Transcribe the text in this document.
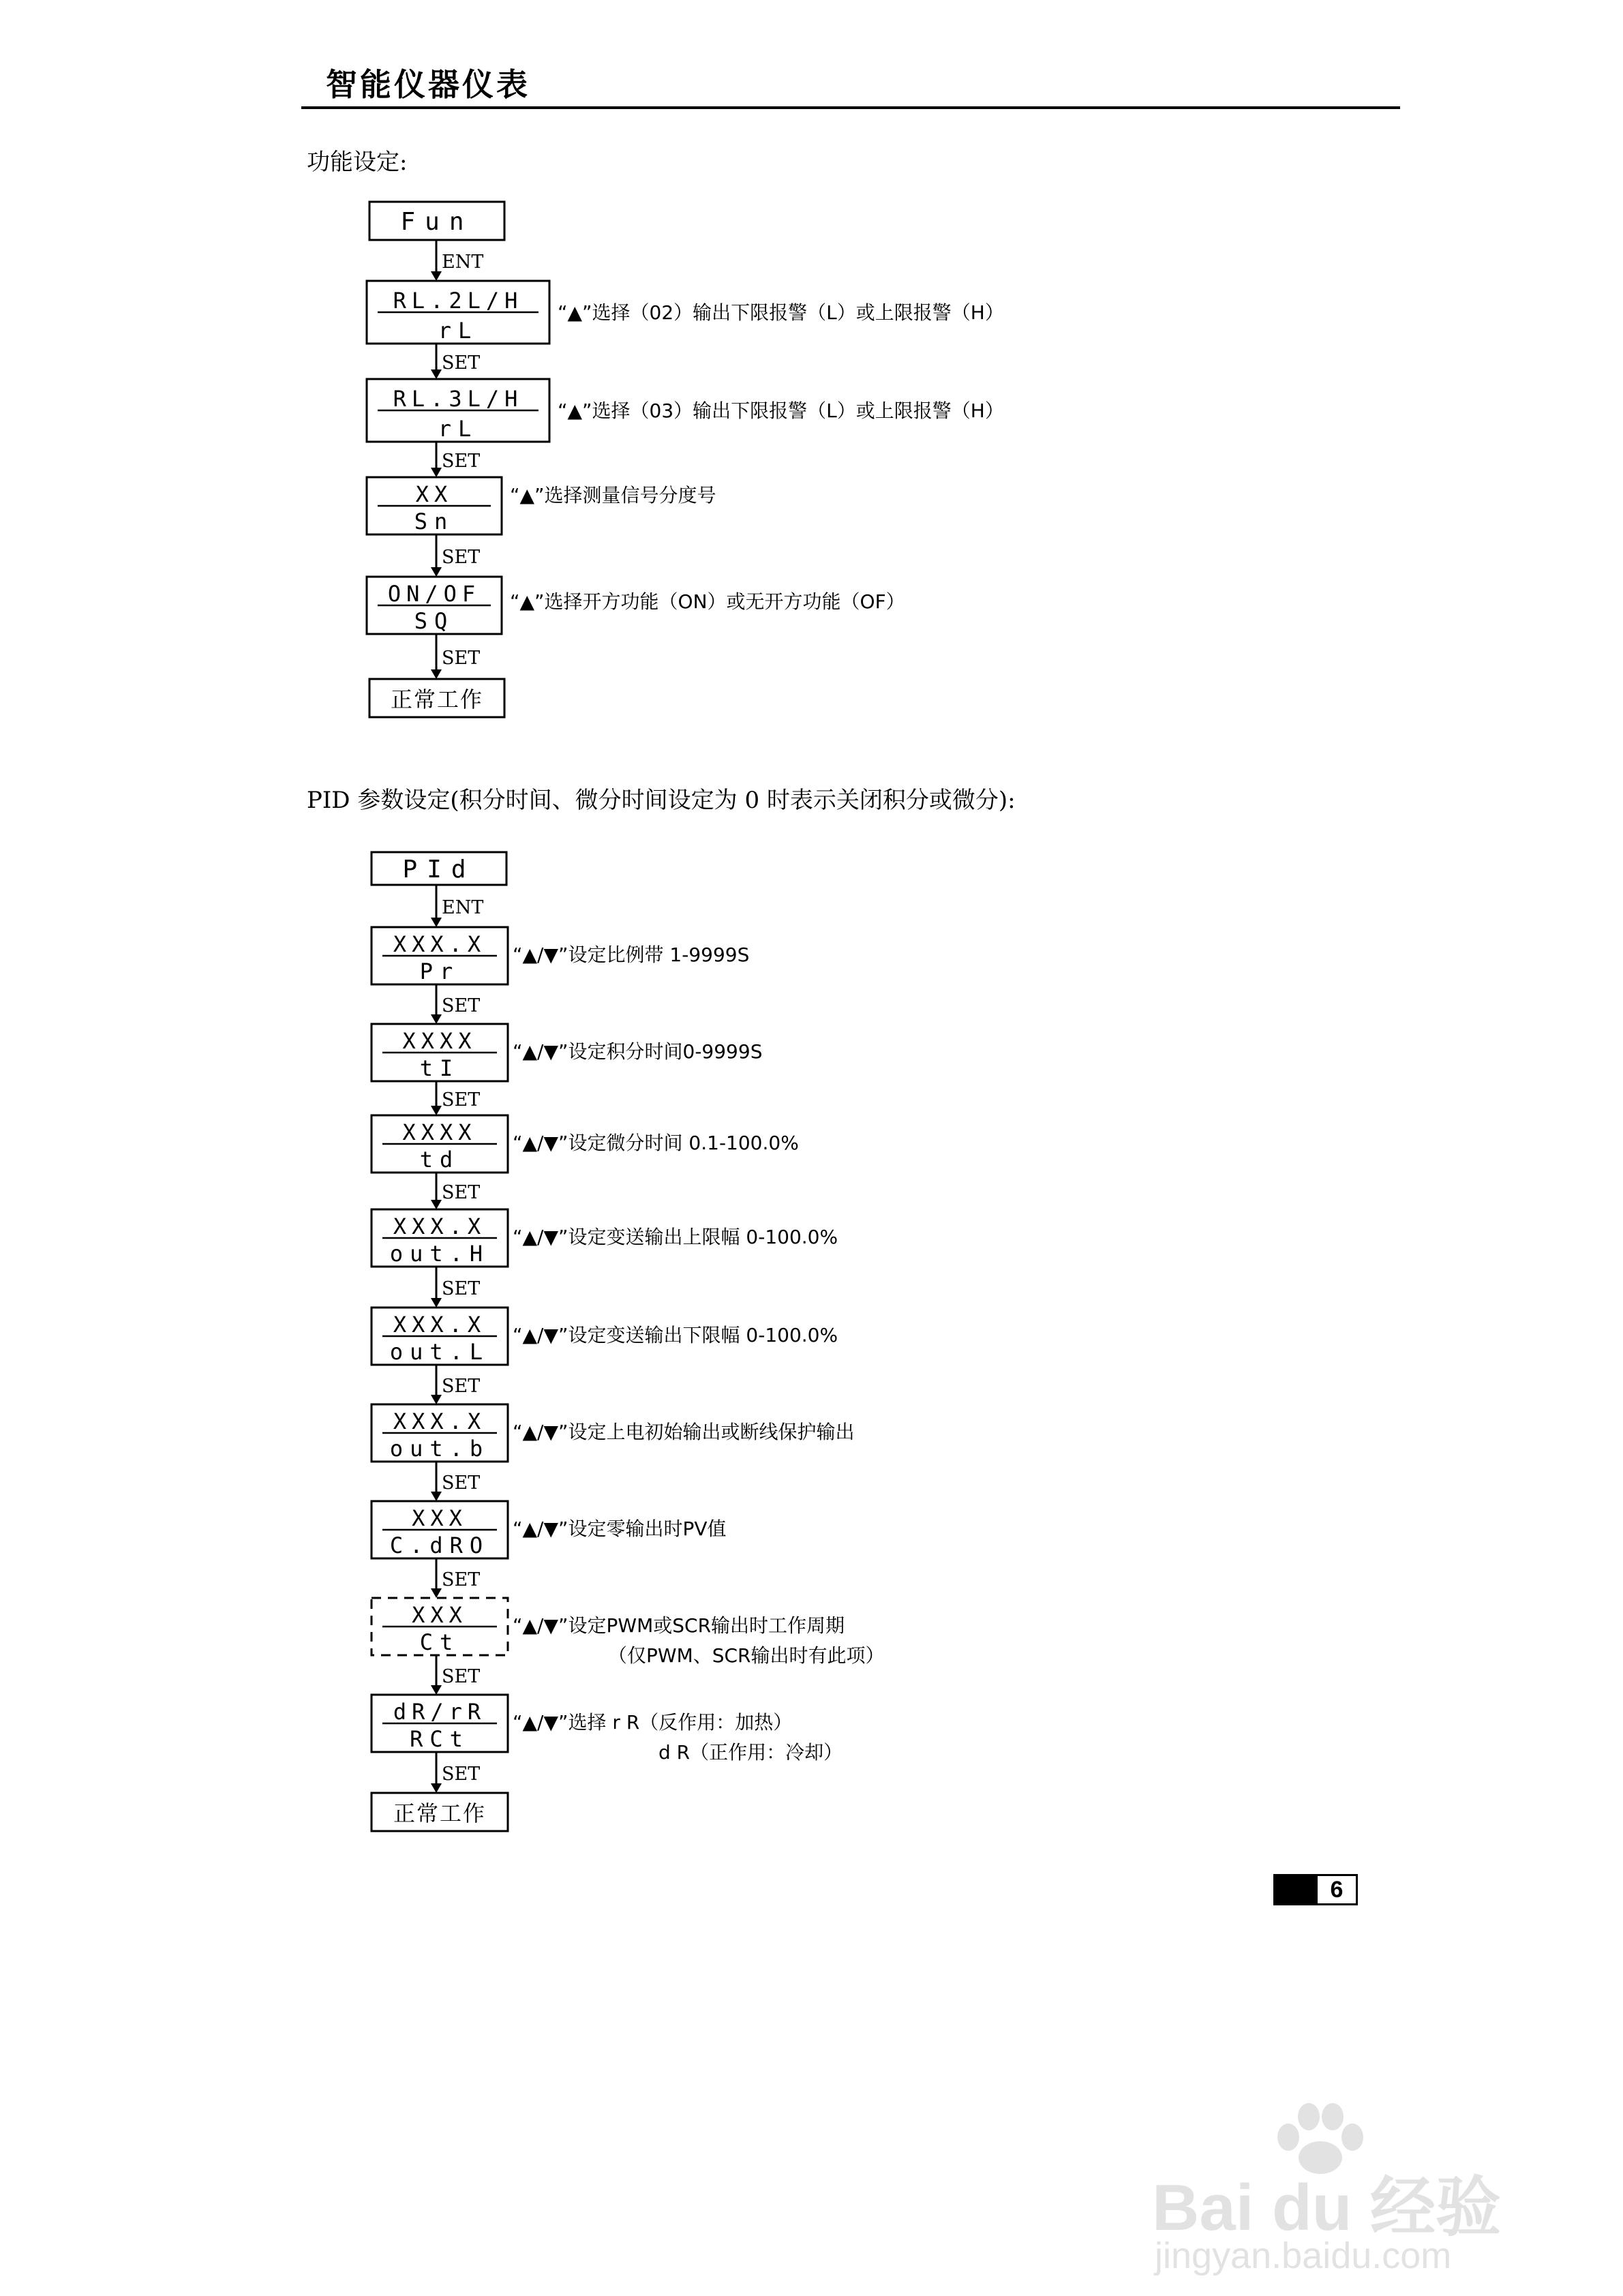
智能仪器仪表
功能设定:
PID 参数设定(积分时间、微分时间设定为 0 时表示关闭积分或微分):
Fun
ENT
RL.2L/H
rL
“▲”选择（02）输出下限报警（L）或上限报警（H）
SET
RL.3L/H
rL
“▲”选择（03）输出下限报警（L）或上限报警（H）
SET
XX
Sn
“▲”选择测量信号分度号
SET
ON/OF
SQ
“▲”选择开方功能（ON）或无开方功能（OF）
SET
正常工作
PId
ENT
XXX.X
Pr
“▲/▼”设定比例带 1-9999S
SET
XXXX
tI
“▲/▼”设定积分时间0-9999S
SET
XXXX
td
“▲/▼”设定微分时间 0.1-100.0%
SET
XXX.X
out.H
“▲/▼”设定变送输出上限幅 0-100.0%
SET
XXX.X
out.L
“▲/▼”设定变送输出下限幅 0-100.0%
SET
XXX.X
out.b
“▲/▼”设定上电初始输出或断线保护输出
SET
XXX
C.dRO
“▲/▼”设定零输出时PV值
SET
XXX
Ct
“▲/▼”设定PWM或SCR输出时工作周期
（仅PWM、SCR输出时有此项）
SET
dR/rR
RCt
“▲/▼”选择 r R（反作用：加热）
d R（正作用：冷却）
SET
正常工作
6
Bai du 经验
jingyan.baidu.com
